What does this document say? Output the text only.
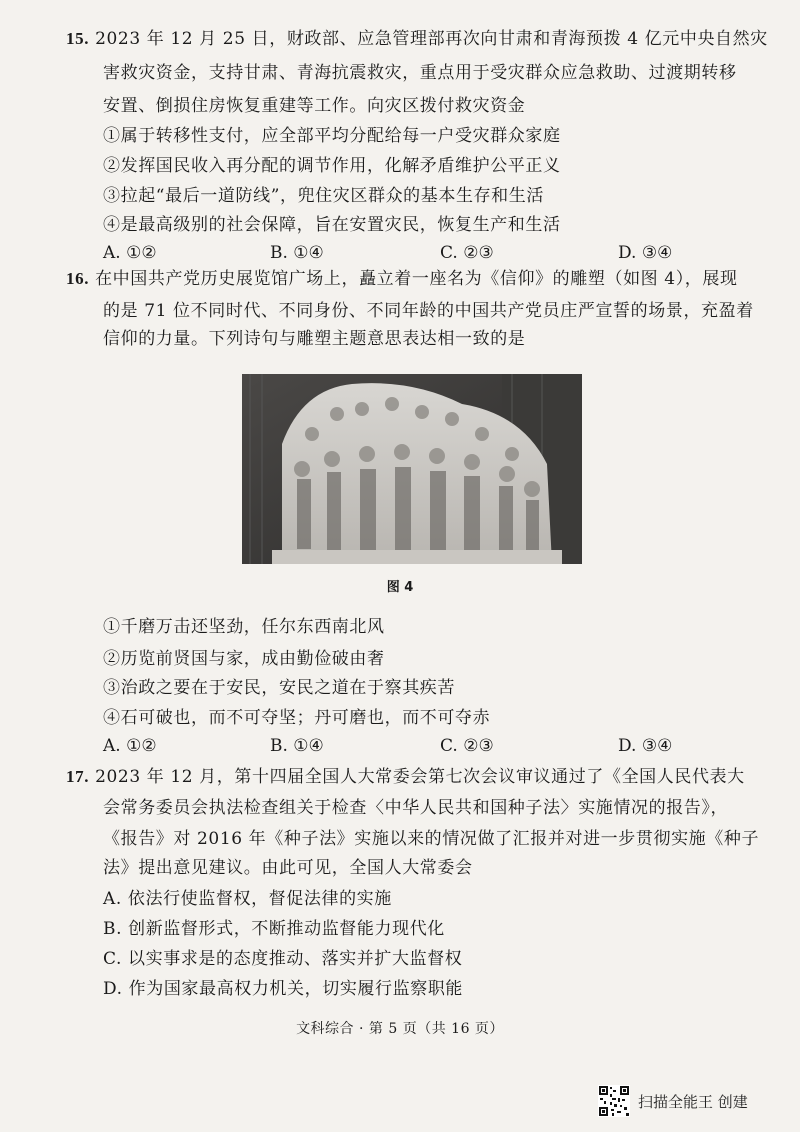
15. 2023 年 12 月 25 日，财政部、应急管理部再次向甘肃和青海预拨 4 亿元中央自然灾
害救灾资金，支持甘肃、青海抗震救灾，重点用于受灾群众应急救助、过渡期转移
安置、倒损住房恢复重建等工作。向灾区拨付救灾资金
①属于转移性支付，应全部平均分配给每一户受灾群众家庭
②发挥国民收入再分配的调节作用，化解矛盾维护公平正义
③拉起“最后一道防线”，兜住灾区群众的基本生存和生活
④是最高级别的社会保障，旨在安置灾民，恢复生产和生活
A. ①②	B. ①④	C. ②③	D. ③④
16. 在中国共产党历史展览馆广场上，矗立着一座名为《信仰》的雕塑（如图 4），展现
的是 71 位不同时代、不同身份、不同年龄的中国共产党员庄严宣誓的场景，充盈着
信仰的力量。下列诗句与雕塑主题意思表达相一致的是
图 4
①千磨万击还坚劲，任尔东西南北风
②历览前贤国与家，成由勤俭破由奢
③治政之要在于安民，安民之道在于察其疾苦
④石可破也，而不可夺坚；丹可磨也，而不可夺赤
A. ①②	B. ①④	C. ②③	D. ③④
17. 2023 年 12 月，第十四届全国人大常委会第七次会议审议通过了《全国人民代表大
会常务委员会执法检查组关于检查〈中华人民共和国种子法〉实施情况的报告》，
《报告》对 2016 年《种子法》实施以来的情况做了汇报并对进一步贯彻实施《种子
法》提出意见建议。由此可见，全国人大常委会
A. 依法行使监督权，督促法律的实施
B. 创新监督形式，不断推动监督能力现代化
C. 以实事求是的态度推动、落实并扩大监督权
D. 作为国家最高权力机关，切实履行监察职能
文科综合 · 第 5 页（共 16 页）
扫描全能王 创建
